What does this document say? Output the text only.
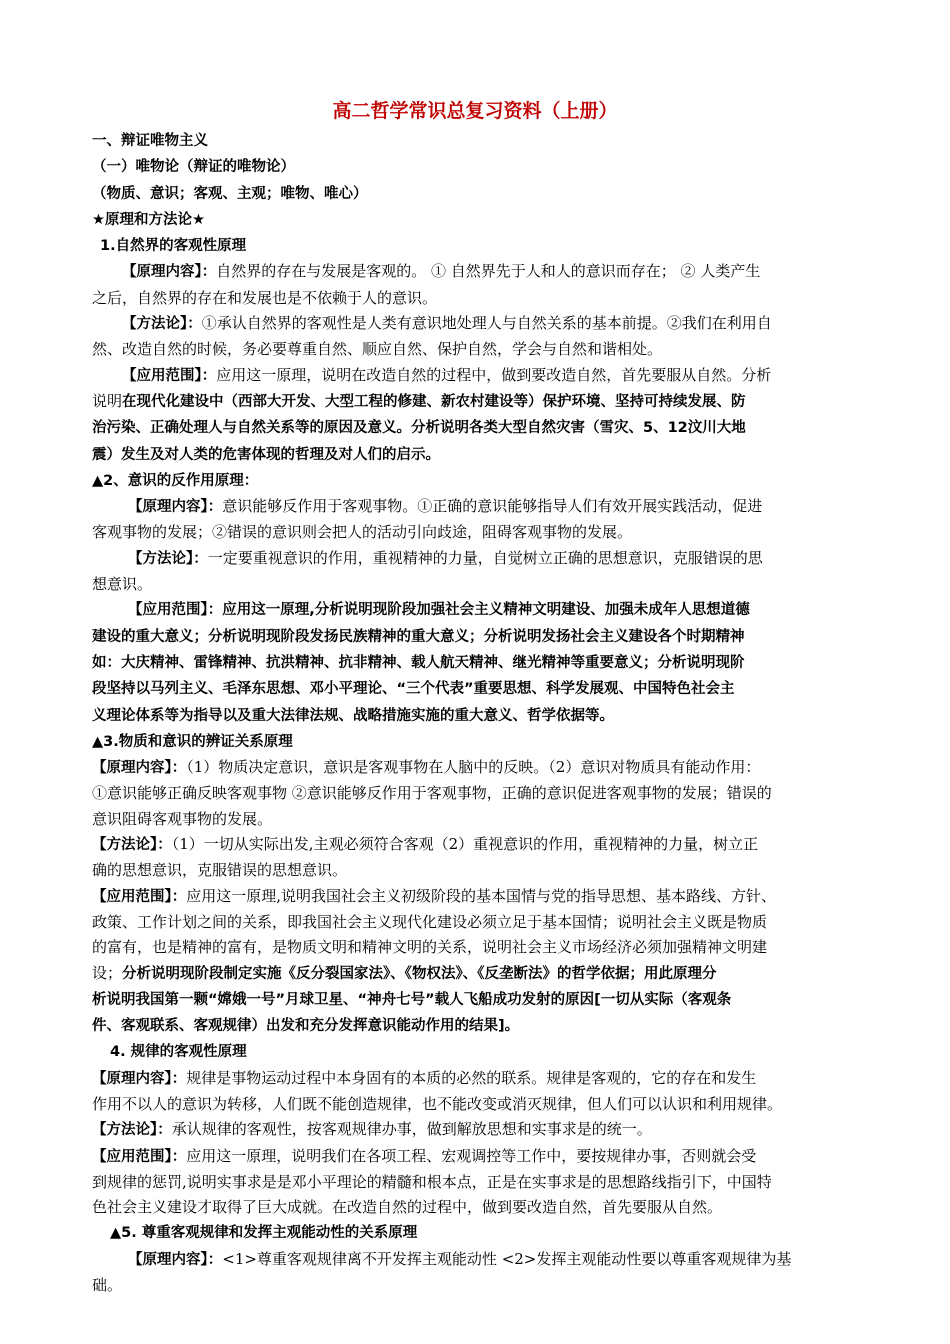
高二哲学常识总复习资料（上册）
一、辩证唯物主义
（一）唯物论（辩证的唯物论）
（物质、意识；客观、主观；唯物、唯心）
★原理和方法论★
1.自然界的客观性原理
【原理内容】：自然界的存在与发展是客观的。 ① 自然界先于人和人的意识而存在； ② 人类产生
之后，自然界的存在和发展也是不依赖于人的意识。
【方法论】：①承认自然界的客观性是人类有意识地处理人与自然关系的基本前提。②我们在利用自
然、改造自然的时候，务必要尊重自然、顺应自然、保护自然，学会与自然和谐相处。
【应用范围】：应用这一原理，说明在改造自然的过程中，做到要改造自然，首先要服从自然。分析
说明在现代化建设中（西部大开发、大型工程的修建、新农村建设等）保护环境、坚持可持续发展、防
治污染、正确处理人与自然关系等的原因及意义。分析说明各类大型自然灾害（雪灾、5、12汶川大地
震）发生及对人类的危害体现的哲理及对人们的启示。
▲2、意识的反作用原理：
【原理内容】：意识能够反作用于客观事物。①正确的意识能够指导人们有效开展实践活动，促进
客观事物的发展；②错误的意识则会把人的活动引向歧途，阻碍客观事物的发展。
【方法论】：一定要重视意识的作用，重视精神的力量，自觉树立正确的思想意识，克服错误的思
想意识。
【应用范围】：应用这一原理,分析说明现阶段加强社会主义精神文明建设、加强未成年人思想道德
建设的重大意义；分析说明现阶段发扬民族精神的重大意义；分析说明发扬社会主义建设各个时期精神
如：大庆精神、雷锋精神、抗洪精神、抗非精神、载人航天精神、继光精神等重要意义；分析说明现阶
段坚持以马列主义、毛泽东思想、邓小平理论、“三个代表”重要思想、科学发展观、中国特色社会主
义理论体系等为指导以及重大法律法规、战略措施实施的重大意义、哲学依据等。
▲3.物质和意识的辨证关系原理
【原理内容】：（1）物质决定意识，意识是客观事物在人脑中的反映。（2）意识对物质具有能动作用：
①意识能够正确反映客观事物 ②意识能够反作用于客观事物，正确的意识促进客观事物的发展；错误的
意识阻碍客观事物的发展。
【方法论】：（1）一切从实际出发,主观必须符合客观（2）重视意识的作用，重视精神的力量，树立正
确的思想意识，克服错误的思想意识。
【应用范围】：应用这一原理,说明我国社会主义初级阶段的基本国情与党的指导思想、基本路线、方针、
政策、工作计划之间的关系，即我国社会主义现代化建设必须立足于基本国情；说明社会主义既是物质
的富有，也是精神的富有，是物质文明和精神文明的关系，说明社会主义市场经济必须加强精神文明建
设；分析说明现阶段制定实施《反分裂国家法》、《物权法》、《反垄断法》的哲学依据；用此原理分
析说明我国第一颗“嫦娥一号”月球卫星、“神舟七号”载人飞船成功发射的原因[一切从实际（客观条
件、客观联系、客观规律）出发和充分发挥意识能动作用的结果]。
4. 规律的客观性原理
【原理内容】：规律是事物运动过程中本身固有的本质的必然的联系。规律是客观的，它的存在和发生
作用不以人的意识为转移，人们既不能创造规律，也不能改变或消灭规律，但人们可以认识和利用规律。
【方法论】：承认规律的客观性，按客观规律办事，做到解放思想和实事求是的统一。
【应用范围】：应用这一原理，说明我们在各项工程、宏观调控等工作中，要按规律办事，否则就会受
到规律的惩罚,说明实事求是是邓小平理论的精髓和根本点，正是在实事求是的思想路线指引下，中国特
色社会主义建设才取得了巨大成就。在改造自然的过程中，做到要改造自然，首先要服从自然。
▲5. 尊重客观规律和发挥主观能动性的关系原理
【原理内容】：<1>尊重客观规律离不开发挥主观能动性 <2>发挥主观能动性要以尊重客观规律为基
础。
